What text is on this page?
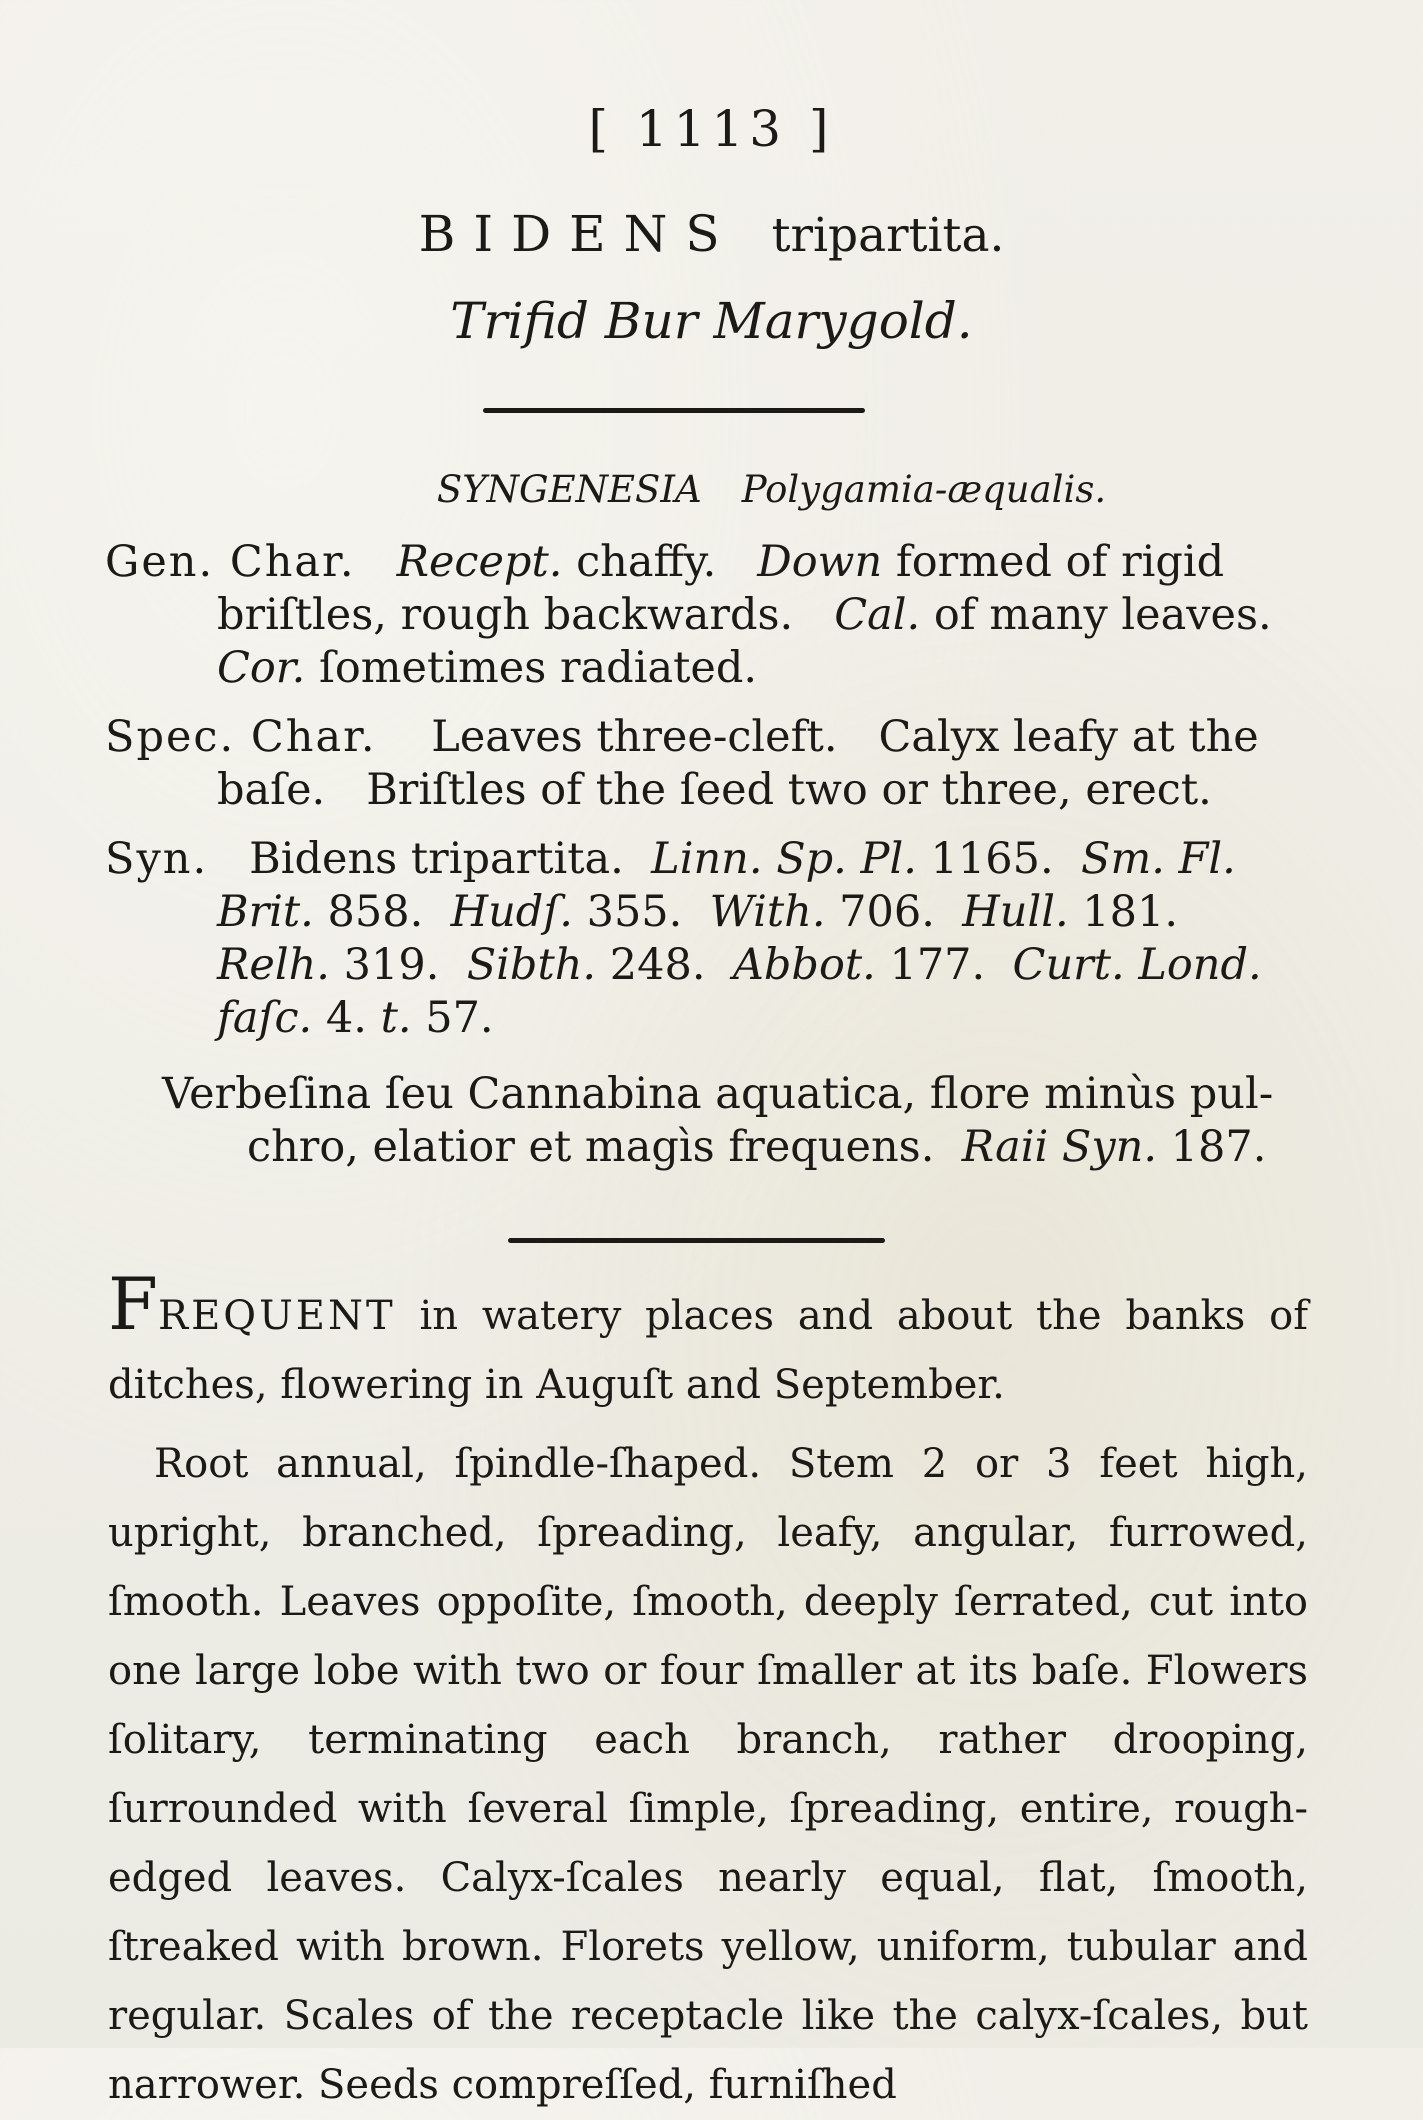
[ 1113 ]
BIDENS tripartita.
Trifid Bur Marygold.
SYNGENESIA Polygamia-æqualis.
Gen. Char. Recept. chaffy.   Down formed of rigid
briſtles, rough backwards.   Cal. of many leaves.
Cor. ſometimes radiated.
Spec. Char. Leaves three-cleft.   Calyx leafy at the
baſe.   Briſtles of the ſeed two or three, erect.
Syn. Bidens tripartita.  Linn. Sp. Pl. 1165.  Sm. Fl.
Brit. 858.  Hudſ. 355.  With. 706.  Hull. 181.
Relh. 319.  Sibth. 248.  Abbot. 177.  Curt. Lond.
faſc. 4. t. 57.
Verbeſina ſeu Cannabina aquatica, flore minùs pul-
chro, elatior et magìs frequens.  Raii Syn. 187.
FREQUENT in watery places and about the banks of ditches, flowering in Auguſt and September.
Root annual, ſpindle-ſhaped. Stem 2 or 3 feet high, upright, branched, ſpreading, leafy, angular, furrowed, ſmooth. Leaves oppoſite, ſmooth, deeply ſerrated, cut into one large lobe with two or four ſmaller at its baſe. Flowers ſolitary, terminating each branch, rather drooping, ſurrounded with ſeveral ſimple, ſpreading, entire, rough-edged leaves. Calyx-ſcales nearly equal, flat, ſmooth, ſtreaked with brown. Florets yellow, uniform, tubular and regular. Scales of the receptacle like the calyx-ſcales, but narrower. Seeds compreſſed, furniſhed
